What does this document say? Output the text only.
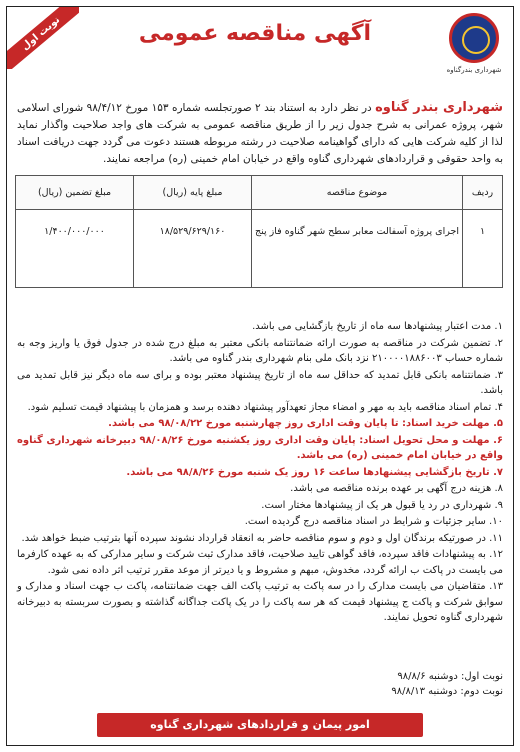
شهرداری بندرگناوه
آگهی مناقصه عمومی
نوبت اول

شهرداری بندر گناوه در نظر دارد به استناد بند ۲ صورتجلسه شماره ۱۵۳ مورخ ۹۸/۴/۱۲ شورای اسلامی شهر، پروژه عمرانی به شرح جدول زیر را از طریق مناقصه عمومی به شرکت های واجد صلاحیت واگذار نماید لذا از کلیه شرکت هایی که دارای گواهینامه صلاحیت در رشته مربوطه هستند دعوت می گردد جهت دریافت اسناد به واحد حقوقی و قراردادهای شهرداری گناوه واقع در خیابان امام خمینی (ره) مراجعه نمایند.

ردیف	موضوع مناقصه	مبلغ پایه (ریال)	مبلغ تضمین (ریال)
۱	اجرای پروژه آسفالت معابر سطح شهر گناوه فاز پنج	۱۸/۵۲۹/۶۲۹/۱۶۰	۱/۴۰۰/۰۰۰/۰۰۰
۱. مدت اعتبار پیشنهادها سه ماه از تاریخ بازگشایی می باشد.
۲. تضمین شرکت در مناقصه به صورت ارائه ضمانتنامه بانکی معتبر به مبلغ درج شده در جدول فوق یا واریز وجه به شماره حساب ۲۱۰۰۰۰۱۸۸۶۰۰۳ نزد بانک ملی بنام شهرداری بندر گناوه می باشد.
۳. ضمانتنامه بانکی قابل تمدید که حداقل سه ماه از تاریخ پیشنهاد معتبر بوده و برای سه ماه دیگر نیز قابل تمدید می باشد.
۴. تمام اسناد مناقصه باید به مهر و امضاء مجاز تعهدآور پیشنهاد دهنده برسد و همزمان با پیشنهاد قیمت تسلیم شود.
۵. مهلت خرید اسناد: تا پایان وقت اداری روز چهارشنبه مورخ ۹۸/۰۸/۲۲ می باشد.
۶. مهلت و محل تحویل اسناد: پایان وقت اداری روز یکشنبه مورخ ۹۸/۰۸/۲۶ دبیرخانه شهرداری گناوه واقع در خیابان امام خمینی (ره) می باشد.
۷. تاریخ بازگشایی پیشنهادها ساعت ۱۶ روز یک شنبه مورخ ۹۸/۸/۲۶ می باشد.
۸. هزینه درج آگهی بر عهده برنده مناقصه می باشد.
۹. شهرداری در رد یا قبول هر یک از پیشنهادها مختار است.
۱۰. سایر جزئیات و شرایط در اسناد مناقصه درج گردیده است.
۱۱. در صورتیکه برندگان اول و دوم و سوم مناقصه حاضر به انعقاد قرارداد نشوند سپرده آنها بترتیب ضبط خواهد شد.
۱۲. به پیشنهادات فاقد سپرده، فاقد گواهی تایید صلاحیت، فاقد مدارک ثبت شرکت و سایر مدارکی که به عهده کارفرما می بایست در پاکت ب ارائه گردد، مخدوش، مبهم و مشروط و یا دیرتر از موعد مقرر ترتیب اثر داده نمی شود.
۱۳. متقاضیان می بایست مدارک را در سه پاکت به ترتیب پاکت الف جهت ضمانتنامه، پاکت ب جهت اسناد و مدارک و سوابق شرکت و پاکت ج پیشنهاد قیمت که هر سه پاکت را در یک پاکت جداگانه گذاشته و بصورت سربسته به دبیرخانه شهرداری گناوه تحویل نمایند.
نوبت اول: دوشنبه ۹۸/۸/۶
نوبت دوم: دوشنبه ۹۸/۸/۱۳
امور پیمان و قراردادهای شهرداری گناوه
